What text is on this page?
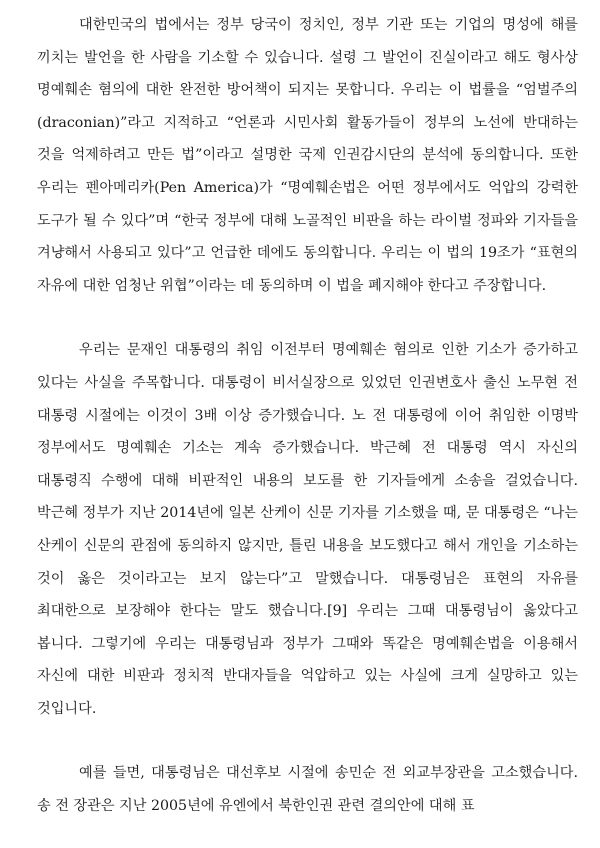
대한민국의 법에서는 정부 당국이 정치인, 정부 기관 또는 기업의 명성에 해를 끼치는 발언을 한 사람을 기소할 수 있습니다. 설령 그 발언이 진실이라고 해도 형사상 명예훼손 혐의에 대한 완전한 방어책이 되지는 못합니다. 우리는 이 법률을 “엄벌주의(draconian)”라고 지적하고 “언론과 시민사회 활동가들이 정부의 노선에 반대하는 것을 억제하려고 만든 법”이라고 설명한 국제 인권감시단의 분석에 동의합니다. 또한 우리는 펜아메리카(Pen America)가 “명예훼손법은 어떤 정부에서도 억압의 강력한 도구가 될 수 있다”며 “한국 정부에 대해 노골적인 비판을 하는 라이벌 정파와 기자들을 겨냥해서 사용되고 있다”고 언급한 데에도 동의합니다. 우리는 이 법의 19조가 “표현의 자유에 대한 엄청난 위협”이라는 데 동의하며 이 법을 폐지해야 한다고 주장합니다.

우리는 문재인 대통령의 취임 이전부터 명예훼손 혐의로 인한 기소가 증가하고 있다는 사실을 주목합니다. 대통령이 비서실장으로 있었던 인권변호사 출신 노무현 전 대통령 시절에는 이것이 3배 이상 증가했습니다. 노 전 대통령에 이어 취임한 이명박 정부에서도 명예훼손 기소는 계속 증가했습니다. 박근혜 전 대통령 역시 자신의 대통령직 수행에 대해 비판적인 내용의 보도를 한 기자들에게 소송을 걸었습니다. 박근혜 정부가 지난 2014년에 일본 산케이 신문 기자를 기소했을 때, 문 대통령은 “나는 산케이 신문의 관점에 동의하지 않지만, 틀린 내용을 보도했다고 해서 개인을 기소하는 것이 옳은 것이라고는 보지 않는다”고 말했습니다. 대통령님은 표현의 자유를 최대한으로 보장해야 한다는 말도 했습니다.[9] 우리는 그때 대통령님이 옳았다고 봅니다. 그렇기에 우리는 대통령님과 정부가 그때와 똑같은 명예훼손법을 이용해서 자신에 대한 비판과 정치적 반대자들을 억압하고 있는 사실에 크게 실망하고 있는 것입니다.

예를 들면, 대통령님은 대선후보 시절에 송민순 전 외교부장관을 고소했습니다. 송 전 장관은 지난 2005년에 유엔에서 북한인권 관련 결의안에 대해 표
